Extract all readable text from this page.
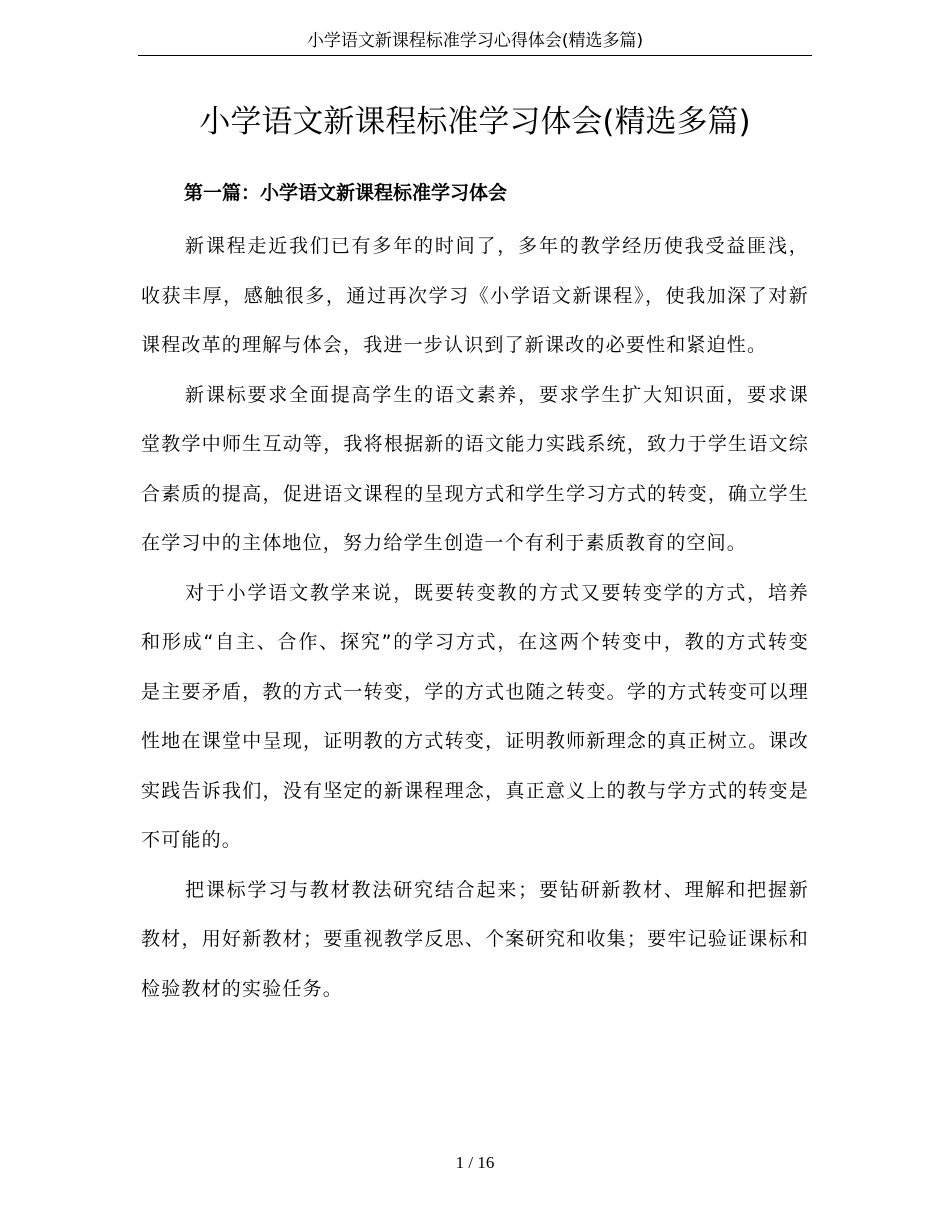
小学语文新课程标准学习心得体会(精选多篇)
小学语文新课程标准学习体会(精选多篇)
第一篇：小学语文新课程标准学习体会

新课程走近我们已有多年的时间了，多年的教学经历使我受益匪浅，收获丰厚，感触很多，通过再次学习《小学语文新课程》，使我加深了对新课程改革的理解与体会，我进一步认识到了新课改的必要性和紧迫性。

新课标要求全面提高学生的语文素养，要求学生扩大知识面，要求课堂教学中师生互动等，我将根据新的语文能力实践系统，致力于学生语文综合素质的提高，促进语文课程的呈现方式和学生学习方式的转变，确立学生在学习中的主体地位，努力给学生创造一个有利于素质教育的空间。

对于小学语文教学来说，既要转变教的方式又要转变学的方式，培养和形成“自主、合作、探究”的学习方式，在这两个转变中，教的方式转变是主要矛盾，教的方式一转变，学的方式也随之转变。学的方式转变可以理性地在课堂中呈现，证明教的方式转变，证明教师新理念的真正树立。课改实践告诉我们，没有坚定的新课程理念，真正意义上的教与学方式的转变是不可能的。

把课标学习与教材教法研究结合起来；要钻研新教材、理解和把握新教材，用好新教材；要重视教学反思、个案研究和收集；要牢记验证课标和检验教材的实验任务。

1 / 16
